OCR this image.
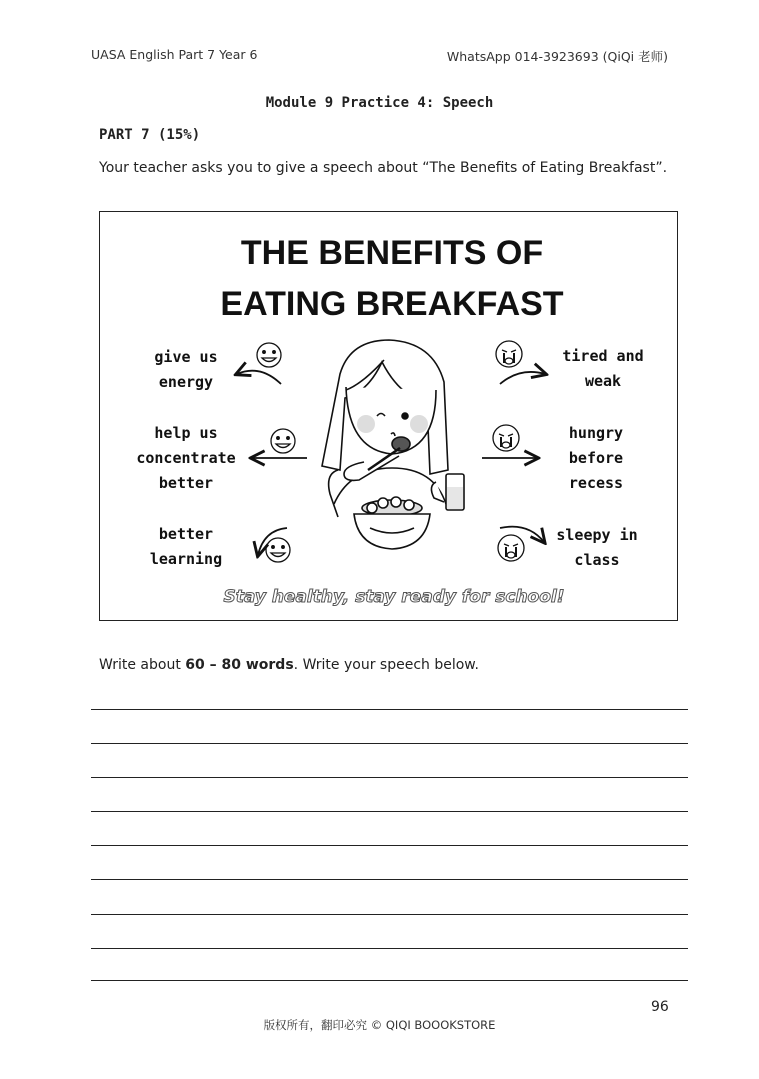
UASA English Part 7 Year 6	WhatsApp 014-3923693 (QiQi 老师)
Module 9 Practice 4: Speech
PART 7 (15%)
Your teacher asks you to give a speech about “The Benefits of Eating Breakfast”.
THE BENEFITS OF
EATING BREAKFAST
give us
energy
help us
concentrate
better
better
learning
tired and
weak
hungry
before
recess
sleepy in
class
Stay healthy, stay ready for school!
Write about 60 – 80 words. Write your speech below.
96
版权所有，翻印必究 © QIQI BOOOKSTORE
